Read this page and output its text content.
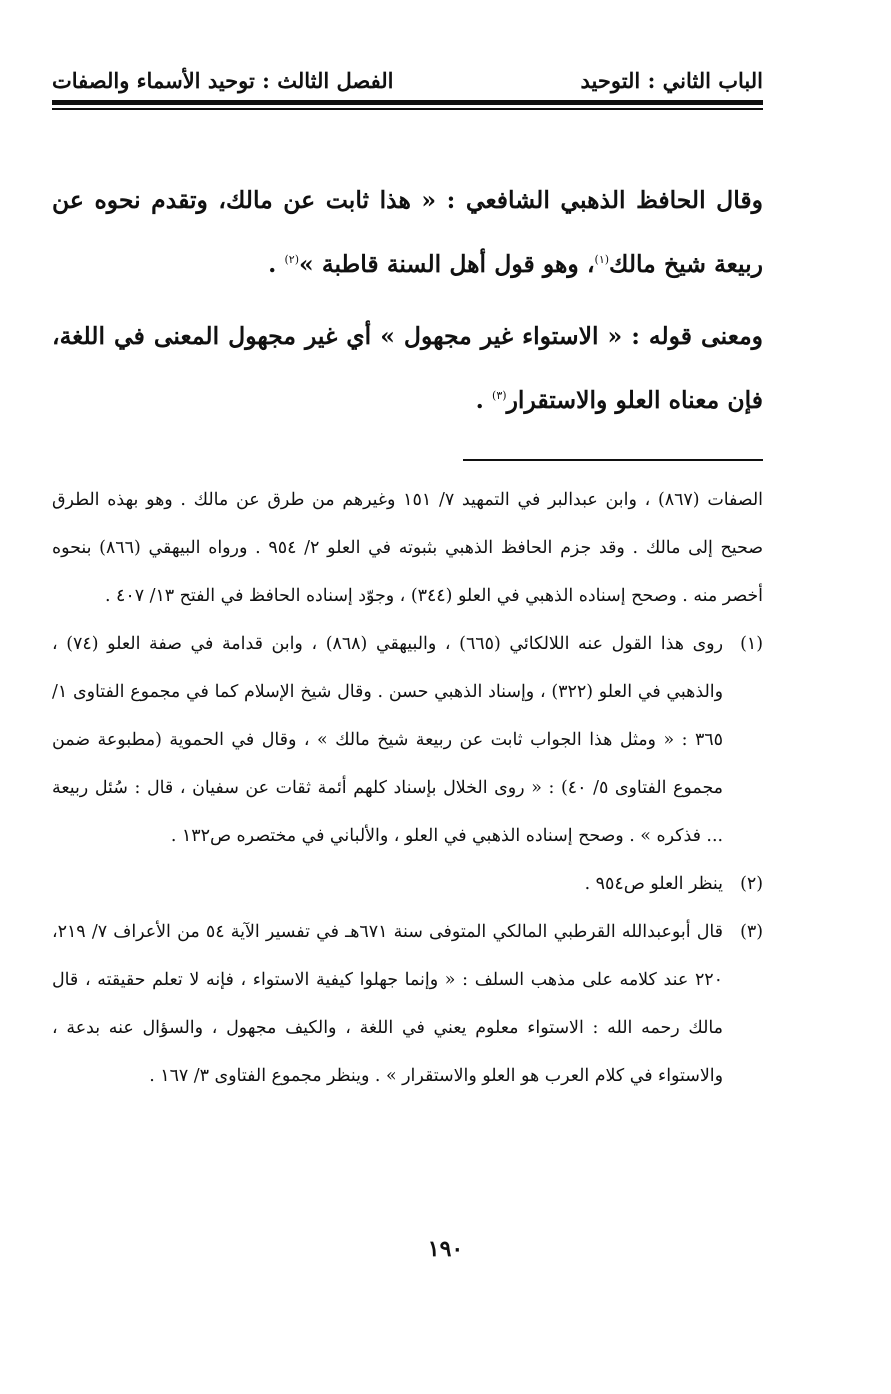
الباب الثاني : التوحيد
الفصل الثالث : توحيد الأسماء والصفات

وقال الحافظ الذهبي الشافعي : « هذا ثابت عن مالك، وتقدم نحوه عن ربيعة شيخ مالك$^{(١)}$، وهو قول أهل السنة قاطبة »$^{(٢)}$ .

ومعنى قوله : « الاستواء غير مجهول » أي غير مجهول المعنى في اللغة، فإن معناه العلو والاستقرار$^{(٣)}$ .

الصفات (٨٦٧) ، وابن عبدالبر في التمهيد ٧/ ١٥١ وغيرهم من طرق عن مالك . وهو بهذه الطرق صحيح إلى مالك . وقد جزم الحافظ الذهبي بثبوته في العلو ٢/ ٩٥٤ . ورواه البيهقي (٨٦٦) بنحوه أخصر منه . وصحح إسناده الذهبي في العلو (٣٤٤) ، وجوّد إسناده الحافظ في الفتح ١٣/ ٤٠٧ .

(١)
روى هذا القول عنه اللالكائي (٦٦٥) ، والبيهقي (٨٦٨) ، وابن قدامة في صفة العلو (٧٤) ، والذهبي في العلو (٣٢٢) ، وإسناد الذهبي حسن . وقال شيخ الإسلام كما في مجموع الفتاوى ١/ ٣٦٥ : « ومثل هذا الجواب ثابت عن ربيعة شيخ مالك » ، وقال في الحموية (مطبوعة ضمن مجموع الفتاوى ٥/ ٤٠) : « روى الخلال بإسناد كلهم أئمة ثقات عن سفيان ، قال : سُئل ربيعة ... فذكره » . وصحح إسناده الذهبي في العلو ، والألباني في مختصره ص١٣٢ .
(٢)
ينظر العلو ص٩٥٤ .
(٣)
قال أبوعبدالله القرطبي المالكي المتوفى سنة ٦٧١هـ في تفسير الآية ٥٤ من الأعراف ٧/ ٢١٩، ٢٢٠ عند كلامه على مذهب السلف : « وإنما جهلوا كيفية الاستواء ، فإنه لا تعلم حقيقته ، قال مالك رحمه الله : الاستواء معلوم يعني في اللغة ، والكيف مجهول ، والسؤال عنه بدعة ، والاستواء في كلام العرب هو العلو والاستقرار » . وينظر مجموع الفتاوى ٣/ ١٦٧ .
١٩٠
